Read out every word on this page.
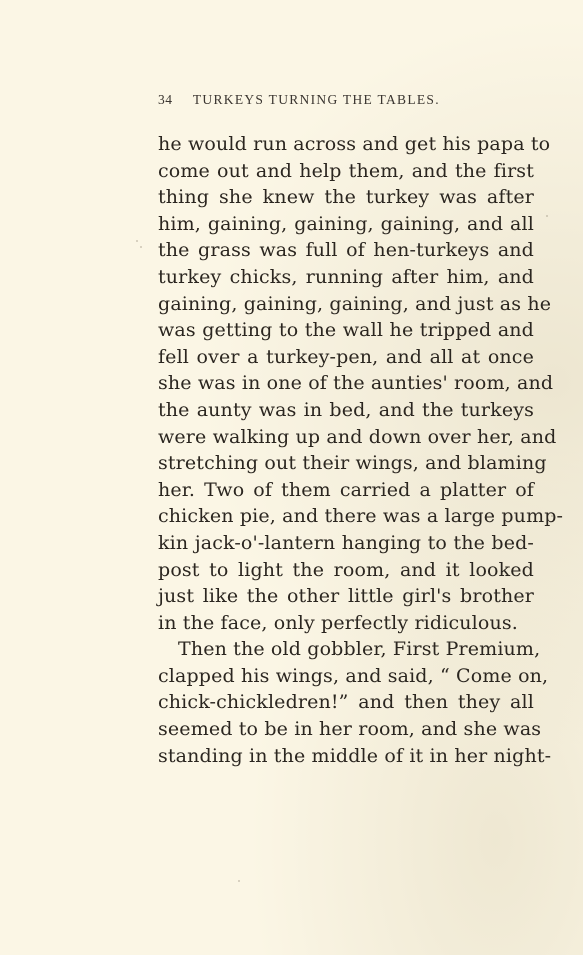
34 TURKEYS TURNING THE TABLES.
he would run across and get his papa to
come out and help them, and the first
thing she knew the turkey was after
him, gaining, gaining, gaining, and all
the grass was full of hen-turkeys and
turkey chicks, running after him, and
gaining, gaining, gaining, and just as he
was getting to the wall he tripped and
fell over a turkey-pen, and all at once
she was in one of the aunties' room, and
the aunty was in bed, and the turkeys
were walking up and down over her, and
stretching out their wings, and blaming
her. Two of them carried a platter of
chicken pie, and there was a large pump-
kin jack-o'-lantern hanging to the bed-
post to light the room, and it looked
just like the other little girl's brother
in the face, only perfectly ridiculous.
Then the old gobbler, First Premium,
clapped his wings, and said, “ Come on,
chick-chickledren!” and then they all
seemed to be in her room, and she was
standing in the middle of it in her night-
